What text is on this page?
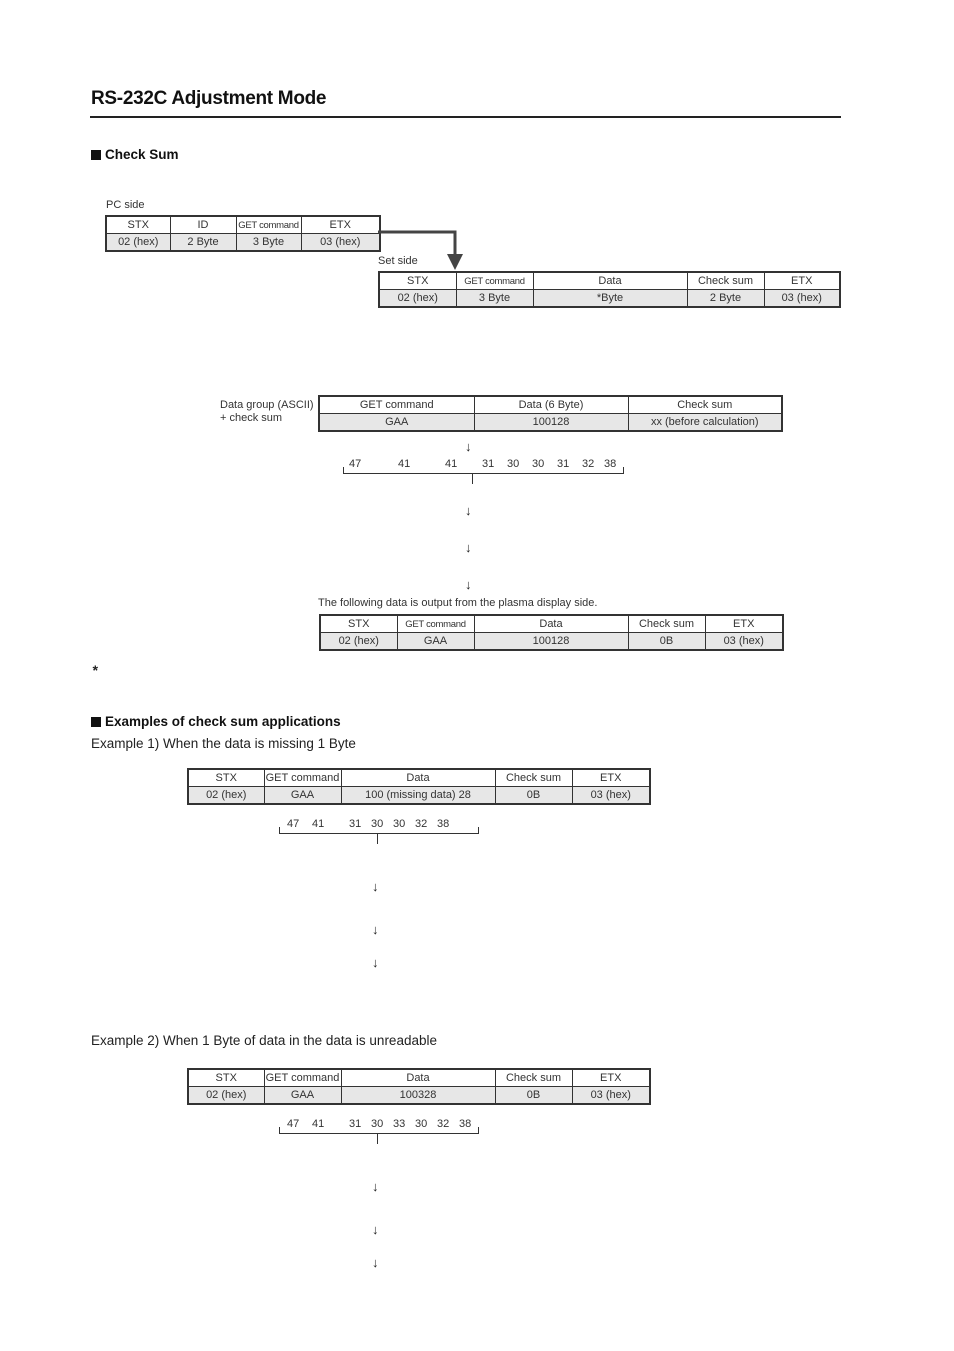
RS-232C Adjustment Mode
Check Sum
PC side
STX	ID	GET command	ETX
02 (hex)	2 Byte	3 Byte	03 (hex)
Set side
STX	GET command	Data	Check sum	ETX
02 (hex)	3 Byte	*Byte	2 Byte	03 (hex)
Data group (ASCII)
+ check sum
GET command	Data (6 Byte)	Check sum
GAA	100128	xx (before calculation)
↓
47	41	41 31 30 30 31 32 38
↓
↓
↓
The following data is output from the plasma display side.
STX	GET command	Data	Check sum	ETX
02 (hex)	GAA	100128	0B	03 (hex)
*
Examples of check sum applications
Example 1) When the data is missing 1 Byte
STX	GET command	Data	Check sum	ETX
02 (hex)	GAA	100 (missing data) 28	0B	03 (hex)
47 41 31 30 30 32 38
↓
↓
↓
Example 2) When 1 Byte of data in the data is unreadable
STX	GET command	Data	Check sum	ETX
02 (hex)	GAA	100328	0B	03 (hex)
47 41 31 30 33 30 32 38
↓
↓
↓
